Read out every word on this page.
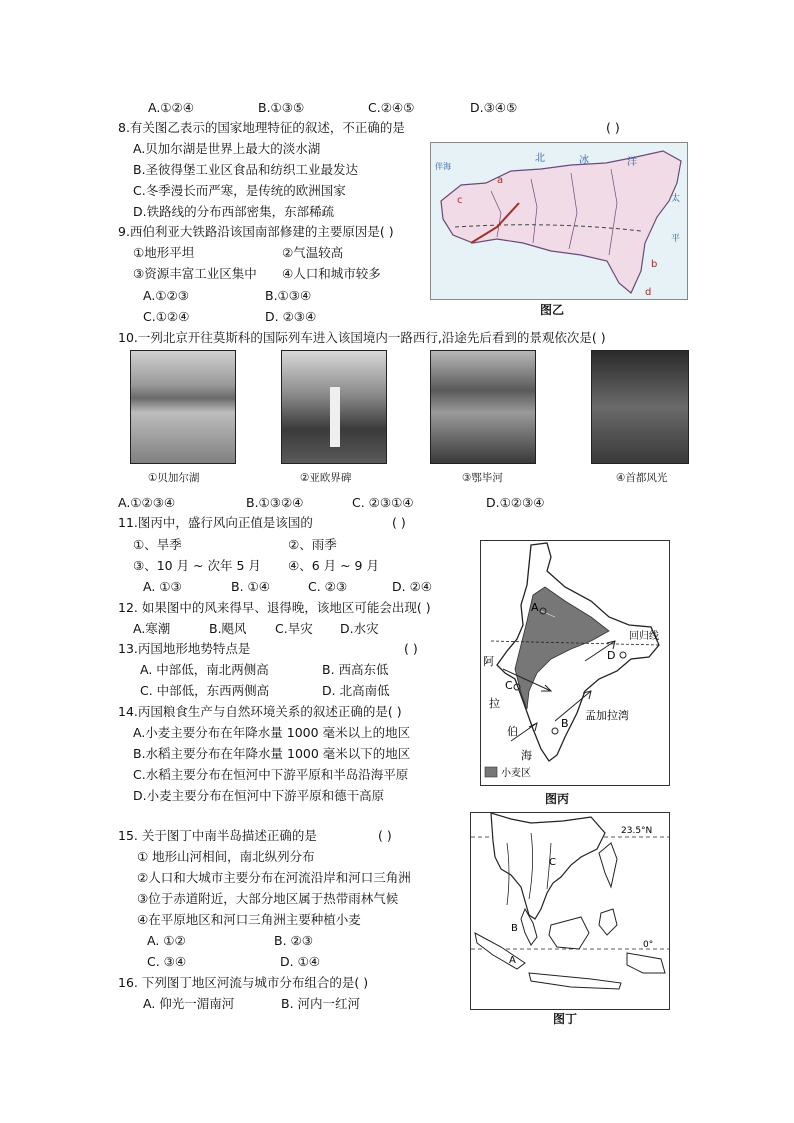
A.①②④	B.①③⑤	C.②④⑤	D.③④⑤
8.有关图乙表示的国家地理特征的叙述，不正确的是	( )
A.贝加尔湖是世界上最大的淡水湖
B.圣彼得堡工业区食品和纺织工业最发达
C.冬季漫长而严寒，是传统的欧洲国家
D.铁路线的分布西部密集，东部稀疏
9.西伯利亚大铁路沿该国南部修建的主要原因是( )
①地形平坦	②气温较高
③资源丰富工业区集中 ④人口和城市较多
A.①②③	B.①③④
C.①②④	D. ②③④
伴海
北	冰	洋
太
平
a
b
c
d
图乙
10.一列北京开往莫斯科的国际列车进入该国境内一路西行,沿途先后看到的景观依次是( )
①贝加尔湖	②亚欧界碑	③鄂毕河	④首都风光
A.①②③④	B.①③②④	C. ②③①④	D.①②③④
11.图丙中，盛行风向正值是该国的	( )
①、旱季	②、雨季
③、10 月 ~ 次年 5 月 ④、6 月 ~ 9 月
A. ①③	B. ①④	C. ②③	D. ②④
12. 如果图中的风来得早、退得晚，该地区可能会出现( )
A.寒潮	B.飓风 C.旱灾 D.水灾
13.丙国地形地势特点是	( )
A. 中部低，南北两侧高	B. 西高东低
C. 中部低，东西两侧高	D. 北高南低
14.丙国粮食生产与自然环境关系的叙述正确的是( )
A.小麦主要分布在年降水量 1000 毫米以上的地区
B.水稻主要分布在年降水量 1000 毫米以下的地区
C.水稻主要分布在恒河中下游平原和半岛沿海平原
D.小麦主要分布在恒河中下游平原和德干高原
A
B
C
D
回归线
阿
拉
伯
海
孟加拉湾
小麦区
图丙
15. 关于图丁中南半岛描述正确的是	( )
① 地形山河相间，南北纵列分布
②人口和大城市主要分布在河流沿岸和河口三角洲
③位于赤道附近，大部分地区属于热带雨林气候
④在平原地区和河口三角洲主要种植小麦
A. ①②	B. ②③
C. ③④	D. ①④
16. 下列图丁地区河流与城市分布组合的是( )
A. 仰光一湄南河	B. 河内一红河
23.5°N
0°
A
B
C
图丁
